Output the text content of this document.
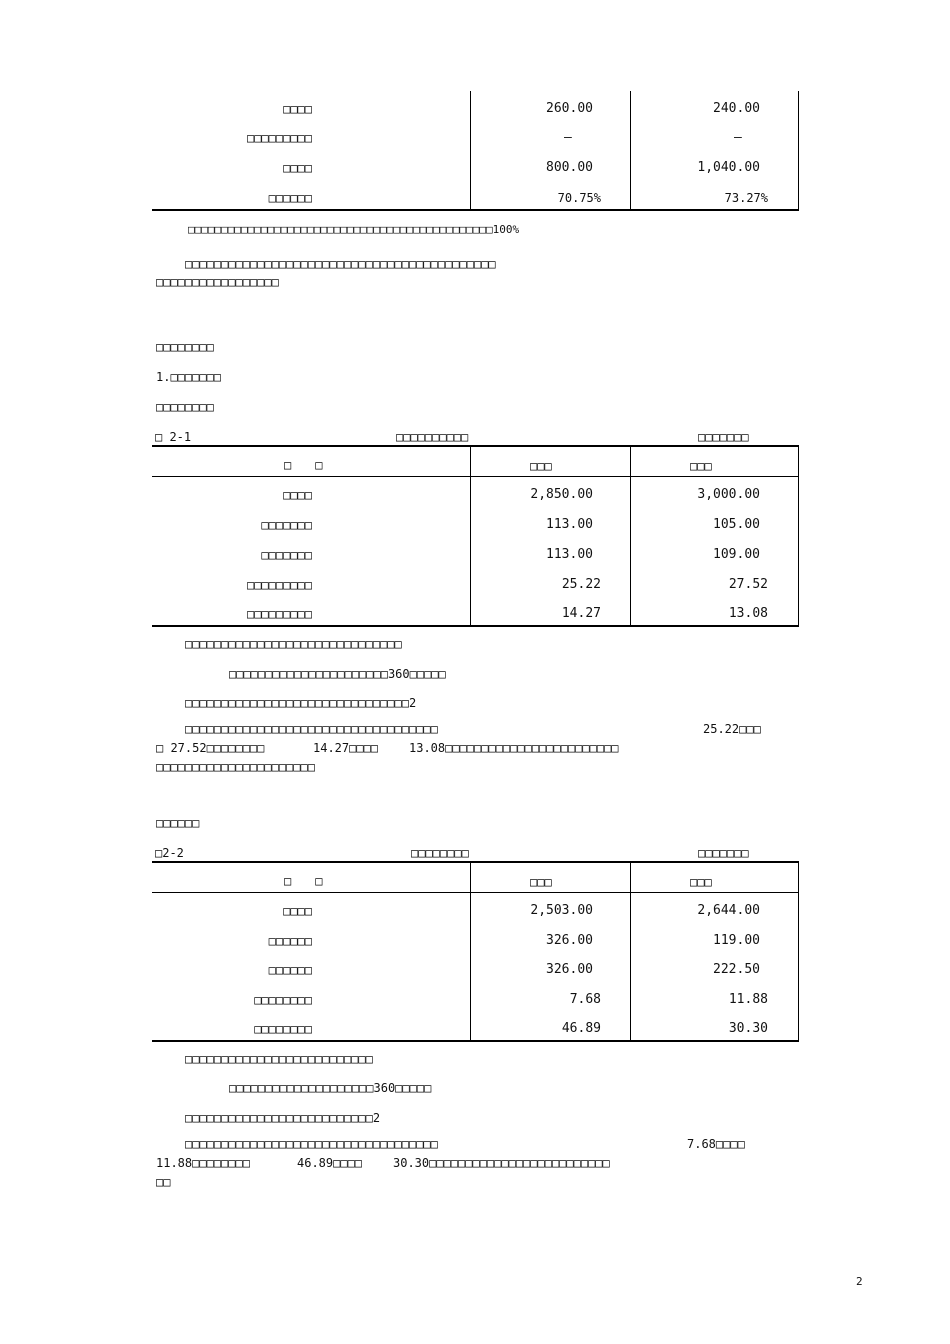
□□□□	260.00	240.00
□□□□□□□□□	–	–
□□□□	800.00	1,040.00
□□□□□□	70.75%	73.27%
□□□□□□□□□□□□□□□□□□□□□□□□□□□□□□□□□□□□□□□□□□□□□□100%
□□□□□□□□□□□□□□□□□□□□□□□□□□□□□□□□□□□□□□□□□□□
□□□□□□□□□□□□□□□□□
□□□□□□□□
1.□□□□□□□
□□□□□□□□
□ 2-1	□□□□□□□□□□	□□□□□□□
□　　□	□□□	□□□
□□□□	2,850.00	3,000.00
□□□□□□□	113.00	105.00
□□□□□□□	113.00	109.00
□□□□□□□□□	25.22	27.52
□□□□□□□□□	14.27	13.08
□□□□□□□□□□□□□□□□□□□□□□□□□□□□□□
□□□□□□□□□□□□□□□□□□□□□□360□□□□□
□□□□□□□□□□□□□□□□□□□□□□□□□□□□□□□2
□□□□□□□□□□□□□□□□□□□□□□□□□□□□□□□□□□□	25.22□□□
□ 27.52□□□□□□□□	14.27□□□□	13.08□□□□□□□□□□□□□□□□□□□□□□□□
□□□□□□□□□□□□□□□□□□□□□□
□□□□□□
□2-2	□□□□□□□□	□□□□□□□
□　　□	□□□	□□□
□□□□	2,503.00	2,644.00
□□□□□□	326.00	119.00
□□□□□□	326.00	222.50
□□□□□□□□	7.68	11.88
□□□□□□□□	46.89	30.30
□□□□□□□□□□□□□□□□□□□□□□□□□□
□□□□□□□□□□□□□□□□□□□□360□□□□□
□□□□□□□□□□□□□□□□□□□□□□□□□□2
□□□□□□□□□□□□□□□□□□□□□□□□□□□□□□□□□□□	7.68□□□□
11.88□□□□□□□□	46.89□□□□	30.30□□□□□□□□□□□□□□□□□□□□□□□□□
□□
2
